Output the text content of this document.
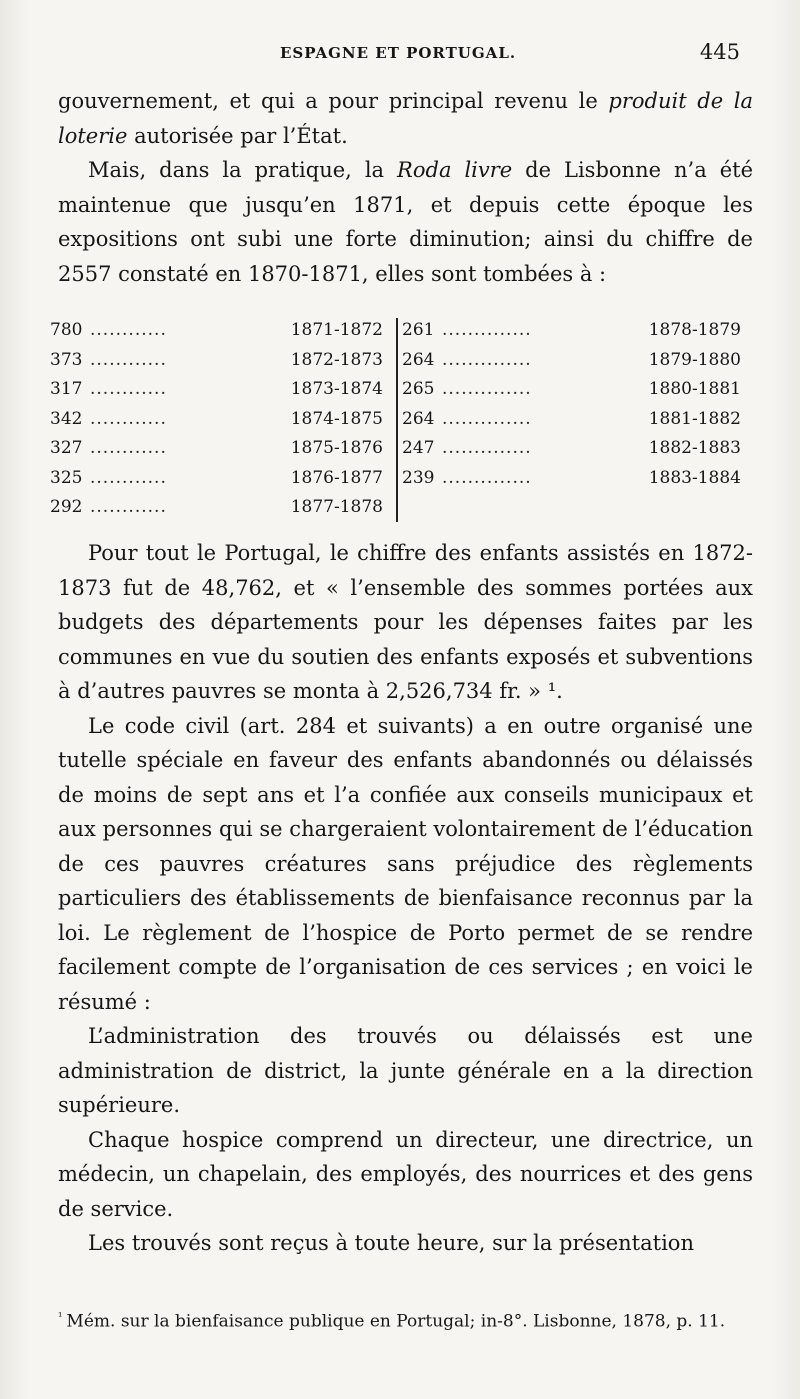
ESPAGNE ET PORTUGAL.	445

gouvernement, et qui a pour principal revenu le produit de la loterie autorisée par l’État.

Mais, dans la pratique, la Roda livre de Lisbonne n’a été maintenue que jusqu’en 1871, et depuis cette époque les expositions ont subi une forte diminution; ainsi du chiffre de 2557 constaté en 1870-1871, elles sont tombées à :

780 ............	1871-1872
373 ............	1872-1873
317 ............	1873-1874
342 ............	1874-1875
327 ............	1875-1876
325 ............	1876-1877
292 ............	1877-1878
261 ..............	1878-1879
264 ..............	1879-1880
265 ..............	1880-1881
264 ..............	1881-1882
247 ..............	1882-1883
239 ..............	1883-1884

Pour tout le Portugal, le chiffre des enfants assistés en 1872-1873 fut de 48,762, et « l’ensemble des sommes portées aux budgets des départements pour les dépenses faites par les communes en vue du soutien des enfants exposés et subventions à d’autres pauvres se monta à 2,526,734 fr. » ¹.

Le code civil (art. 284 et suivants) a en outre organisé une tutelle spéciale en faveur des enfants abandonnés ou délaissés de moins de sept ans et l’a confiée aux conseils municipaux et aux personnes qui se chargeraient volontairement de l’éducation de ces pauvres créatures sans préjudice des règlements particuliers des établissements de bienfaisance reconnus par la loi. Le règlement de l’hospice de Porto permet de se rendre facilement compte de l’organisation de ces services ; en voici le résumé :

L’administration des trouvés ou délaissés est une administration de district, la junte générale en a la direction supérieure.

Chaque hospice comprend un directeur, une directrice, un médecin, un chapelain, des employés, des nourrices et des gens de service.

Les trouvés sont reçus à toute heure, sur la présentation

$^{^1}$ Mém. sur la bienfaisance publique en Portugal; in-8°. Lisbonne, 1878, p. 11.
